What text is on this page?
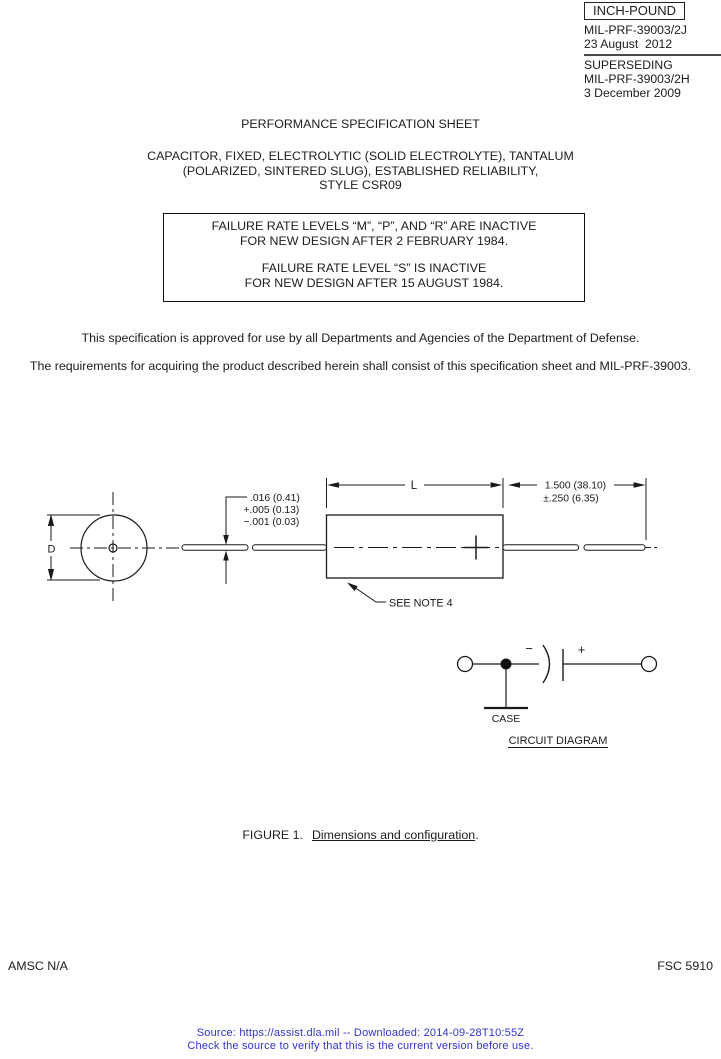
INCH-POUND
MIL-PRF-39003/2J
23 August  2012
SUPERSEDING
MIL-PRF-39003/2H
3 December 2009
PERFORMANCE SPECIFICATION SHEET
CAPACITOR, FIXED, ELECTROLYTIC (SOLID ELECTROLYTE), TANTALUM
(POLARIZED, SINTERED SLUG), ESTABLISHED RELIABILITY,
STYLE CSR09
FAILURE RATE LEVELS “M”, “P”, AND “R” ARE INACTIVE
FOR NEW DESIGN AFTER 2 FEBRUARY 1984.
FAILURE RATE LEVEL “S” IS INACTIVE
FOR NEW DESIGN AFTER 15 AUGUST 1984.
This specification is approved for use by all Departments and Agencies of the Department of Defense.
The requirements for acquiring the product described herein shall consist of this specification sheet and MIL-PRF-39003.
D
.016 (0.41)
+.005 (0.13)
−.001 (0.03)
L	1.500 (38.10)
±.250 (6.35)
SEE NOTE 4
−	+
CASE
CIRCUIT DIAGRAM
FIGURE 1. Dimensions and configuration.
AMSC N/A	FSC 5910
Source: https://assist.dla.mil -- Downloaded: 2014-09-28T10:55Z
Check the source to verify that this is the current version before use.
